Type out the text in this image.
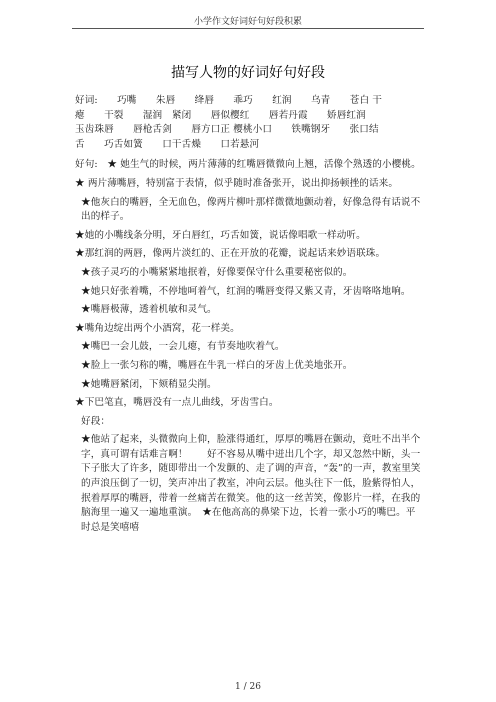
小学作文好词好句好段积累
描写人物的好词好句好段

好词:　　巧嘴　　朱唇　　绛唇　　乖巧　　红润　　乌青　　苍白 干

瘪　　干裂　　湿润　紧闭　　唇似樱红　　唇若丹霞　　娇唇红润

玉齿珠唇　　唇枪舌剑　　唇方口正 樱桃小口　　铁嘴钢牙　　张口结

舌　　巧舌如簧　　口干舌燥　　口若悬河

好句:　★ 她生气的时候，两片薄薄的红嘴唇微微向上翘，活像个熟透的小樱桃。

★ 两片薄嘴唇，特别富于表情，似乎随时准备张开，说出抑扬顿挫的话来。

★他灰白的嘴唇，全无血色，像两片柳叶那样微微地颤动着，好像急得有话说不出的样子。

★她的小嘴线条分明，牙白唇红，巧舌如簧，说话像唱歌一样动听。

★那红润的两唇，像两片淡红的、正在开放的花瓣，说起话来妙语联珠。

★孩子灵巧的小嘴紧紧地抿着，好像要保守什么重要秘密似的。

★她只好张着嘴，不停地呵着气，红润的嘴唇变得又紫又青，牙齿咯咯地响。

★嘴唇极薄，透着机敏和灵气。

★嘴角边绽出两个小酒窝，花一样美。

★嘴巴一会儿鼓，一会儿瘪，有节奏地吹着气。

★脸上一张匀称的嘴，嘴唇在牛乳一样白的牙齿上优美地张开。

★她嘴唇紧闭，下颏稍显尖削。

★下巴笔直，嘴唇没有一点儿曲线，牙齿雪白。

好段：

★他站了起来，头微微向上仰，脸涨得通红，厚厚的嘴唇在颤动，竟吐不出半个字，真可谓有话难言啊！　　好不容易从嘴中迸出几个字，却又忽然中断，头一下子胀大了许多，随即带出一个发颤的、走了调的声音，“轰”的一声，教室里笑的声浪压倒了一切，笑声冲出了教室，冲向云层。他头往下一低，脸紫得怕人，抿着厚厚的嘴唇，带着一丝痛苦在微笑。他的这一丝苦笑，像影片一样，在我的脑海里一遍又一遍地重演。　★在他高高的鼻梁下边，长着一张小巧的嘴巴。平时总是笑嘻嘻

1 / 26
